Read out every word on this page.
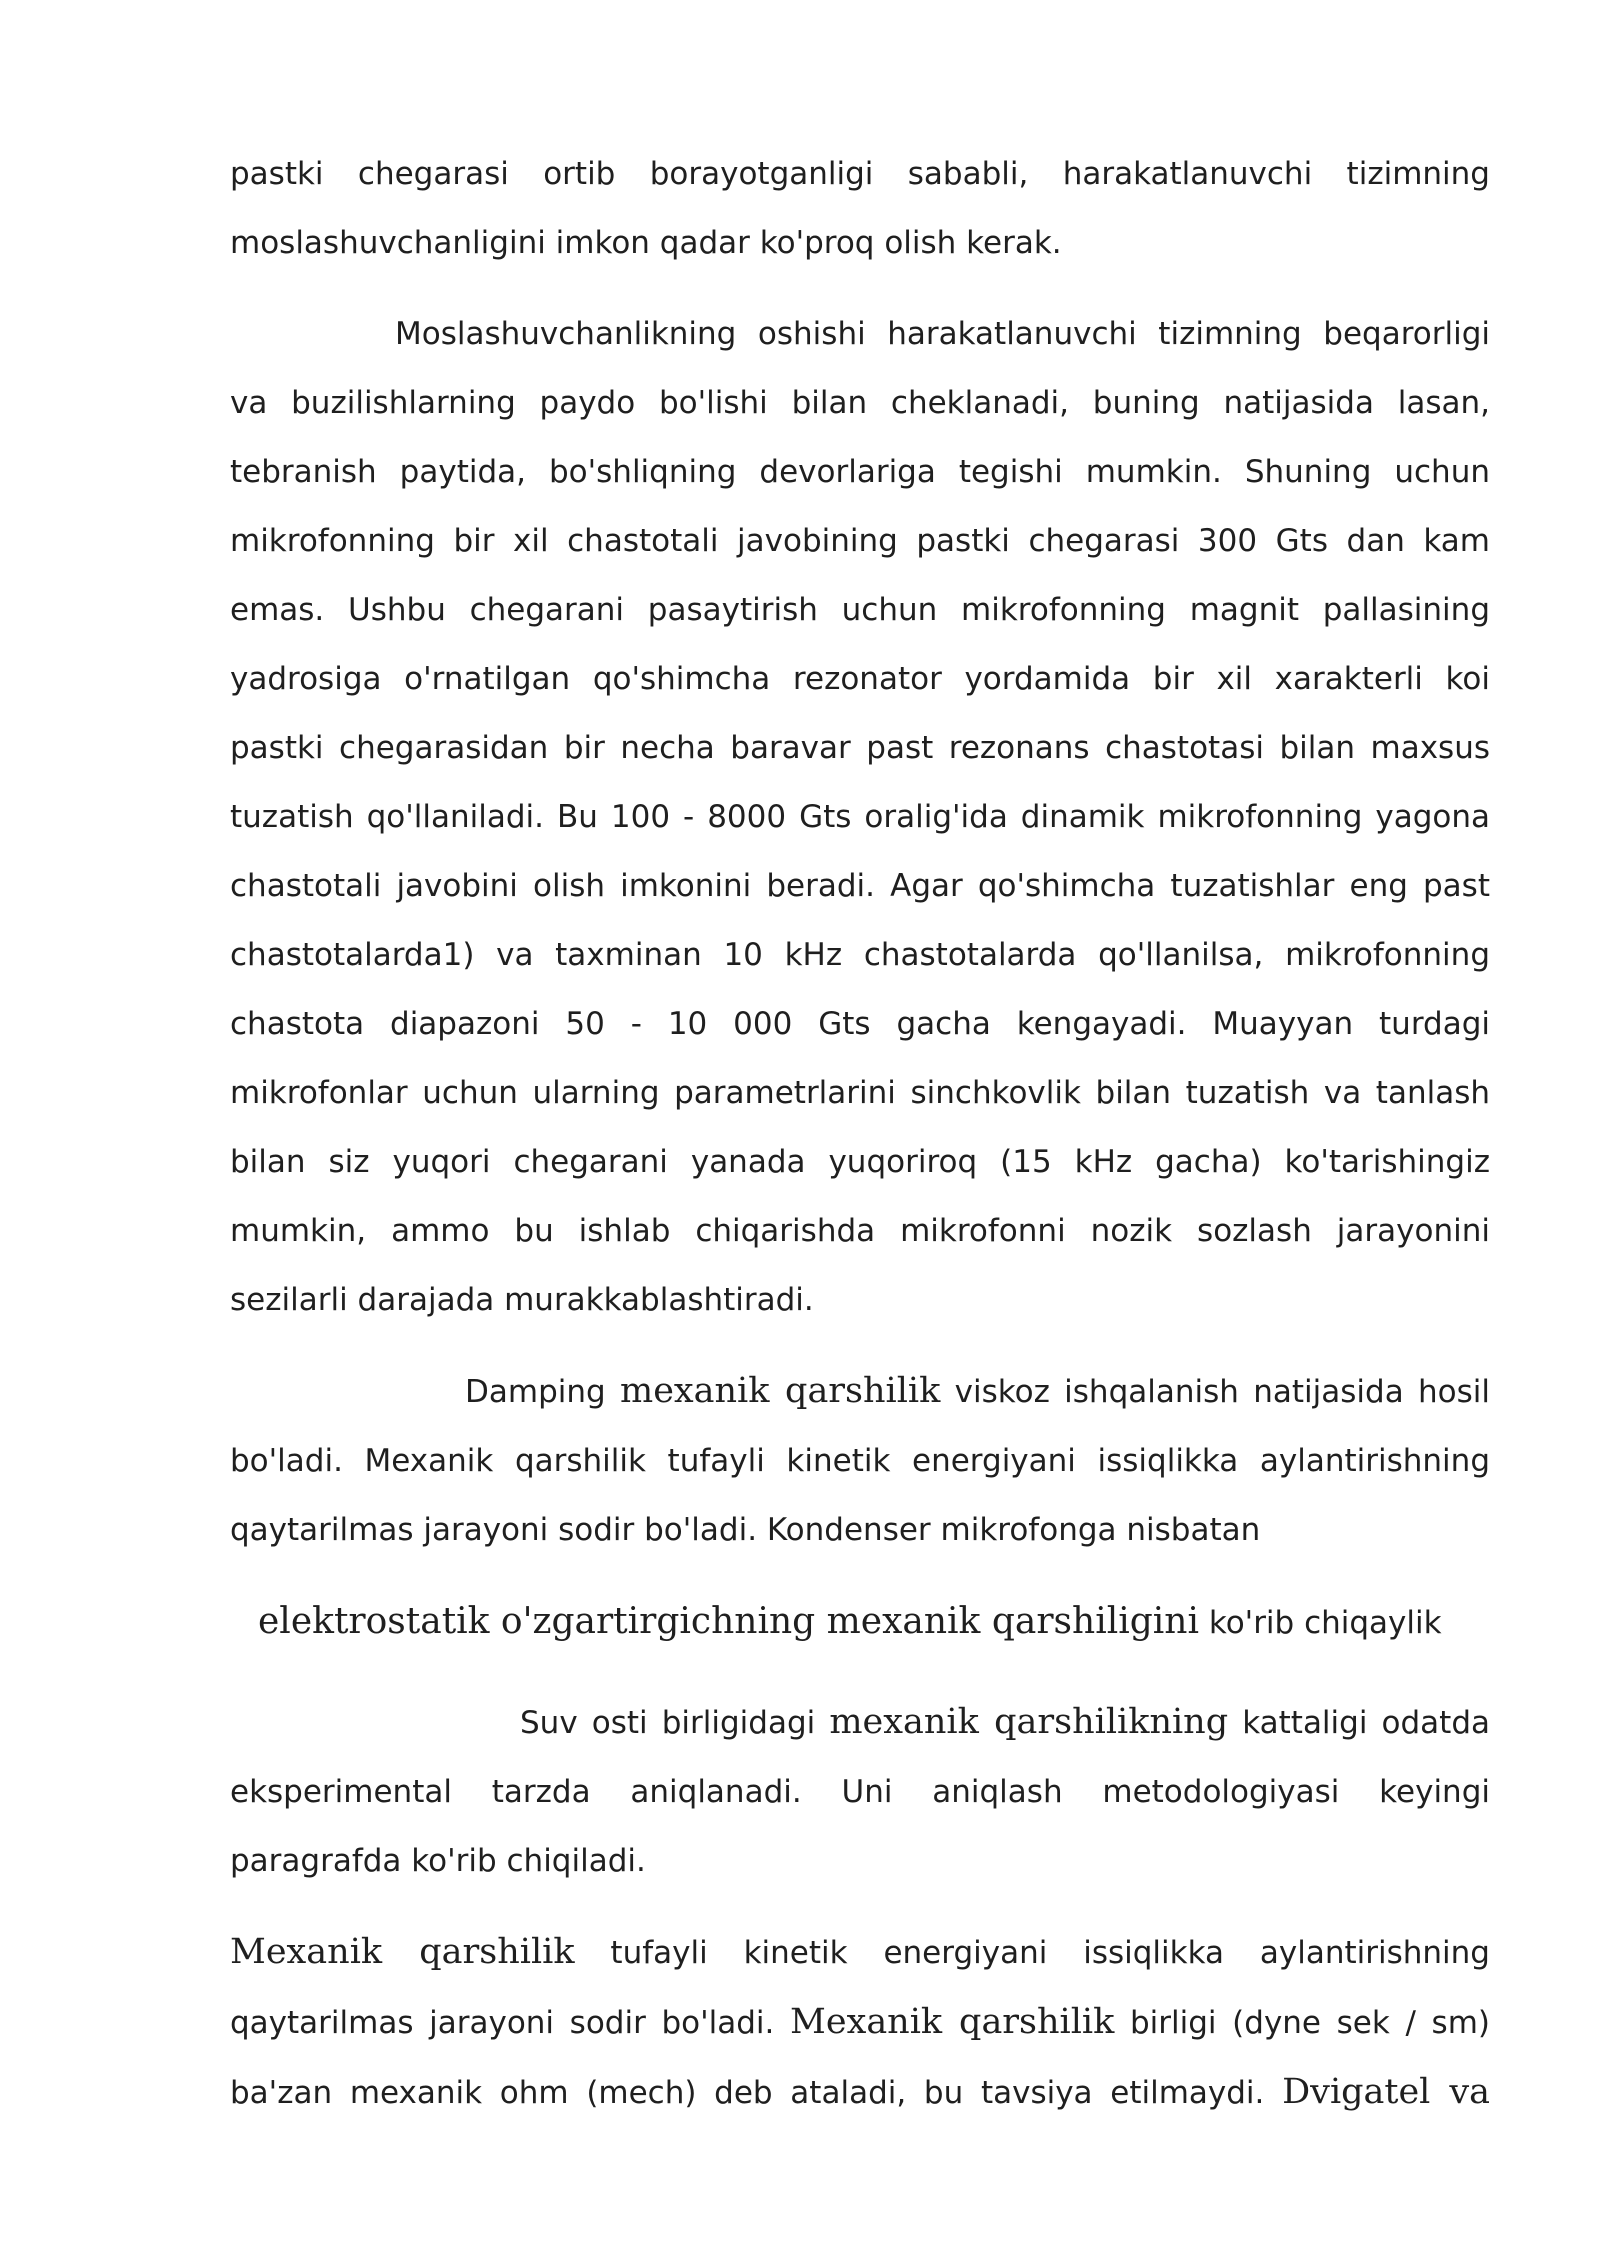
pastki chegarasi ortib borayotganligi sababli, harakatlanuvchi tizimning moslashuvchanligini imkon qadar ko'proq olish kerak.

Moslashuvchanlikning oshishi harakatlanuvchi tizimning beqarorligi va buzilishlarning paydo bo'lishi bilan cheklanadi, buning natijasida lasan, tebranish paytida, bo'shliqning devorlariga tegishi mumkin. Shuning uchun mikrofonning bir xil chastotali javobining pastki chegarasi 300 Gts dan kam emas. Ushbu chegarani pasaytirish uchun mikrofonning magnit pallasining yadrosiga o'rnatilgan qo'shimcha rezonator yordamida bir xil xarakterli koi pastki chegarasidan bir necha baravar past rezonans chastotasi bilan maxsus tuzatish qo'llaniladi. Bu 100 - 8000 Gts oralig'ida dinamik mikrofonning yagona chastotali javobini olish imkonini beradi. Agar qo'shimcha tuzatishlar eng past chastotalarda1) va taxminan 10 kHz chastotalarda qo'llanilsa, mikrofonning chastota diapazoni 50 - 10 000 Gts gacha kengayadi. Muayyan turdagi mikrofonlar uchun ularning parametrlarini sinchkovlik bilan tuzatish va tanlash bilan siz yuqori chegarani yanada yuqoriroq (15 kHz gacha) ko'tarishingiz mumkin, ammo bu ishlab chiqarishda mikrofonni nozik sozlash jarayonini sezilarli darajada murakkablashtiradi.

Damping mexanik qarshilik viskoz ishqalanish natijasida hosil bo'ladi. Mexanik qarshilik tufayli kinetik energiyani issiqlikka aylantirishning qaytarilmas jarayoni sodir bo'ladi. Kondenser mikrofonga nisbatan

elektrostatik o'zgartirgichning mexanik qarshiligini ko'rib chiqaylik

Suv osti birligidagi mexanik qarshilikning kattaligi odatda eksperimental tarzda aniqlanadi. Uni aniqlash metodologiyasi keyingi paragrafda ko'rib chiqiladi.

Mexanik qarshilik tufayli kinetik energiyani issiqlikka aylantirishning qaytarilmas jarayoni sodir bo'ladi. Mexanik qarshilik birligi (dyne sek / sm) ba'zan mexanik ohm (mech) deb ataladi, bu tavsiya etilmaydi. Dvigatel va
